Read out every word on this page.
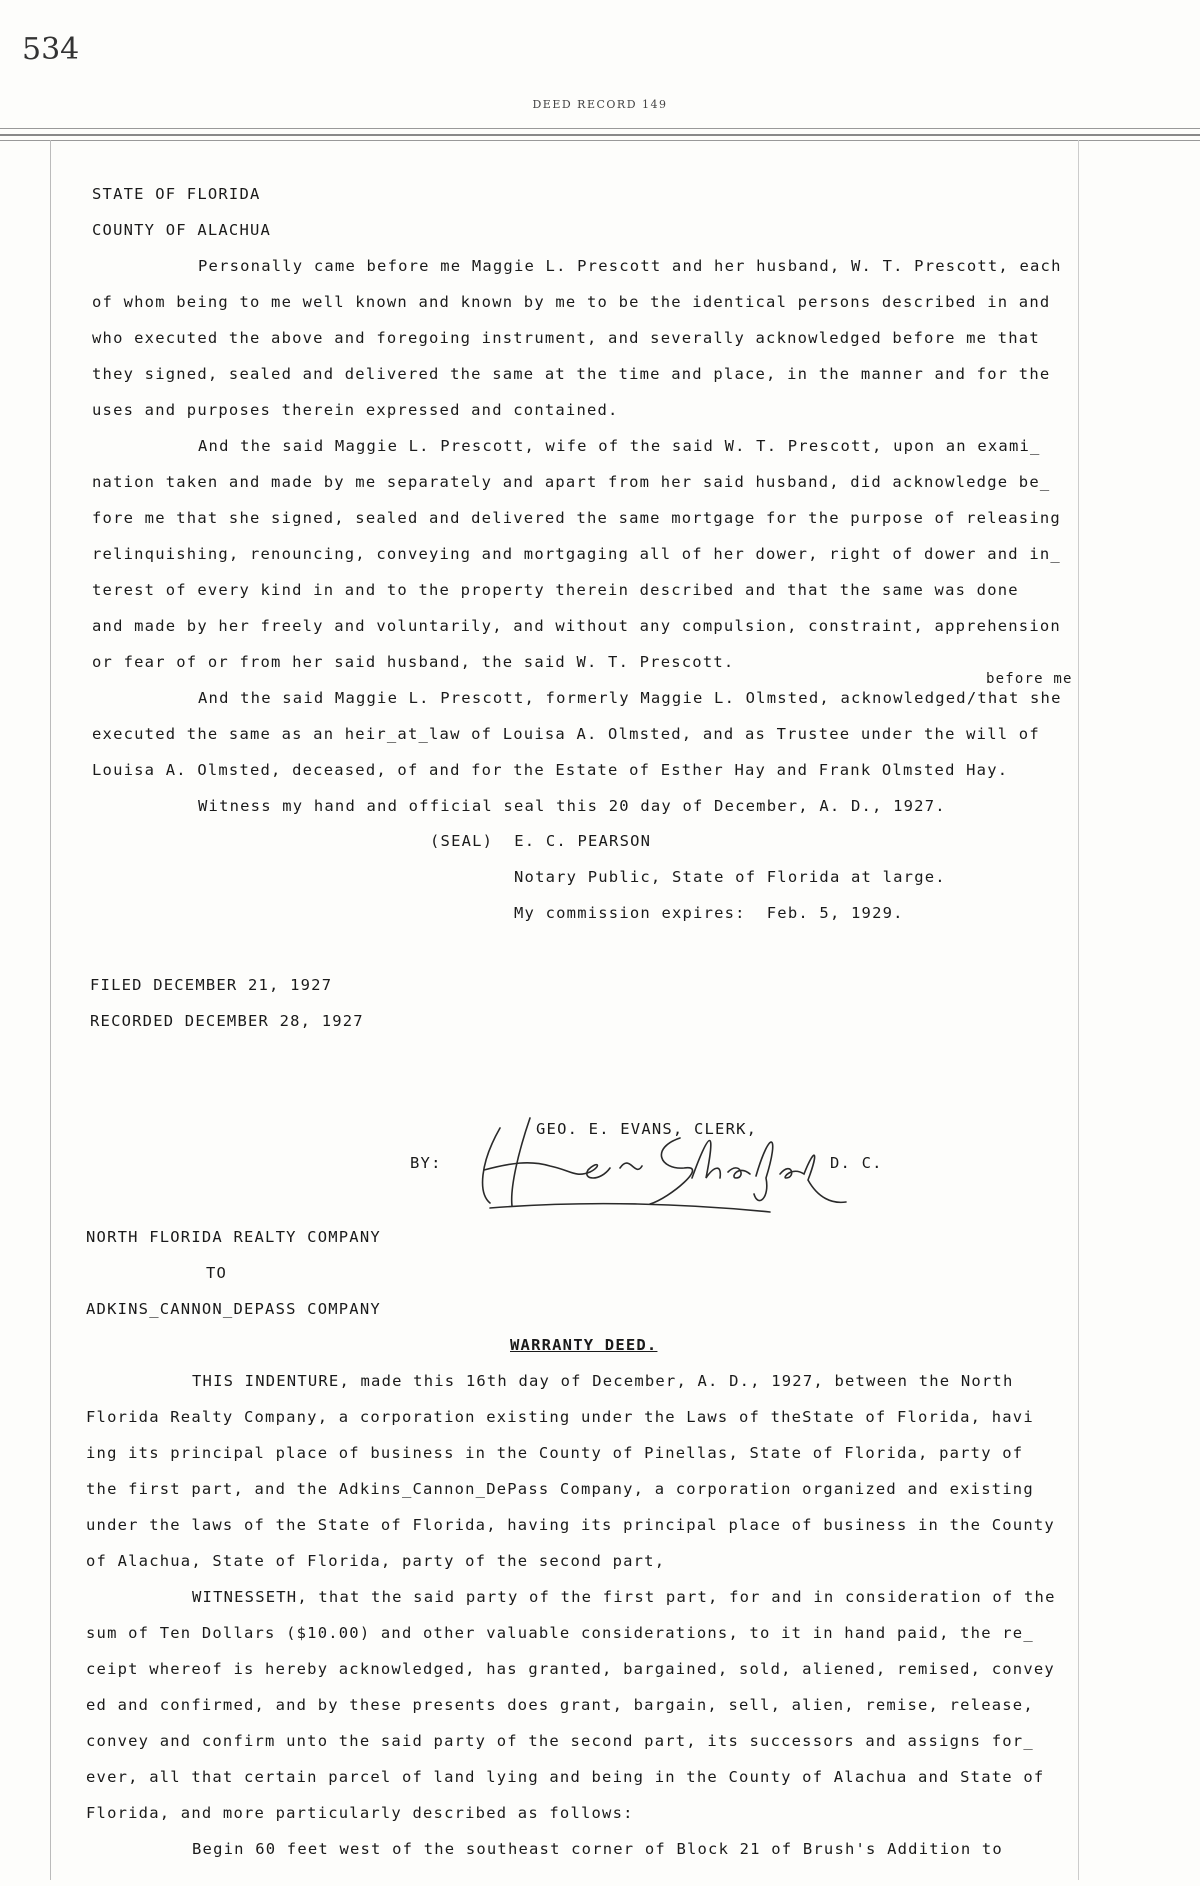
534
DEED RECORD 149
STATE OF FLORIDA
COUNTY OF ALACHUA
Personally came before me Maggie L. Prescott and her husband, W. T. Prescott, each
of whom being to me well known and known by me to be the identical persons described in and
who executed the above and foregoing instrument, and severally acknowledged before me that
they signed, sealed and delivered the same at the time and place, in the manner and for the
uses and purposes therein expressed and contained.
And the said Maggie L. Prescott, wife of the said W. T. Prescott, upon an exami_
nation taken and made by me separately and apart from her said husband, did acknowledge be_
fore me that she signed, sealed and delivered the same mortgage for the purpose of releasing
relinquishing, renouncing, conveying and mortgaging all of her dower, right of dower and in_
terest of every kind in and to the property therein described and that the same was done
and made by her freely and voluntarily, and without any compulsion, constraint, apprehension
or fear of or from her said husband, the said W. T. Prescott.
before me
And the said Maggie L. Prescott, formerly Maggie L. Olmsted, acknowledged/that she
executed the same as an heir_at_law of Louisa A. Olmsted, and as Trustee under the will of
Louisa A. Olmsted, deceased, of and for the Estate of Esther Hay and Frank Olmsted Hay.
Witness my hand and official seal this 20 day of December, A. D., 1927.
(SEAL)  E. C. PEARSON
Notary Public, State of Florida at large.
My commission expires:  Feb. 5, 1929.
FILED DECEMBER 21, 1927
RECORDED DECEMBER 28, 1927
GEO. E. EVANS, CLERK,
BY:	D. C.
Helen Schaefer
NORTH FLORIDA REALTY COMPANY
TO
ADKINS_CANNON_DEPASS COMPANY
WARRANTY DEED.
THIS INDENTURE, made this 16th day of December, A. D., 1927, between the North
Florida Realty Company, a corporation existing under the Laws of theState of Florida, havi
ing its principal place of business in the County of Pinellas, State of Florida, party of
the first part, and the Adkins_Cannon_DePass Company, a corporation organized and existing
under the laws of the State of Florida, having its principal place of business in the County
of Alachua, State of Florida, party of the second part,
WITNESSETH, that the said party of the first part, for and in consideration of the
sum of Ten Dollars ($10.00) and other valuable considerations, to it in hand paid, the re_
ceipt whereof is hereby acknowledged, has granted, bargained, sold, aliened, remised, convey
ed and confirmed, and by these presents does grant, bargain, sell, alien, remise, release,
convey and confirm unto the said party of the second part, its successors and assigns for_
ever, all that certain parcel of land lying and being in the County of Alachua and State of
Florida, and more particularly described as follows:
Begin 60 feet west of the southeast corner of Block 21 of Brush's Addition to
